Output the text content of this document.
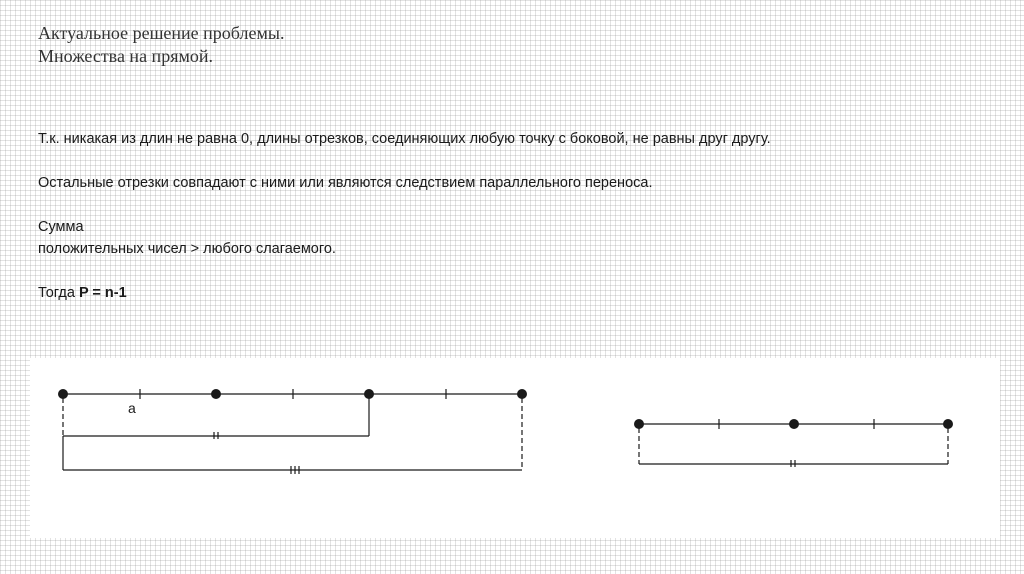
Актуальное решение проблемы.
Множества на прямой.

Т.к. никакая из длин не равна 0, длины отрезков, соединяющих любую точку с боковой, не равны друг другу.

Остальные отрезки совпадают с ними или являются следствием параллельного переноса.

Сумма

положительных чисел > любого слагаемого.

Тогда P = n-1

a
